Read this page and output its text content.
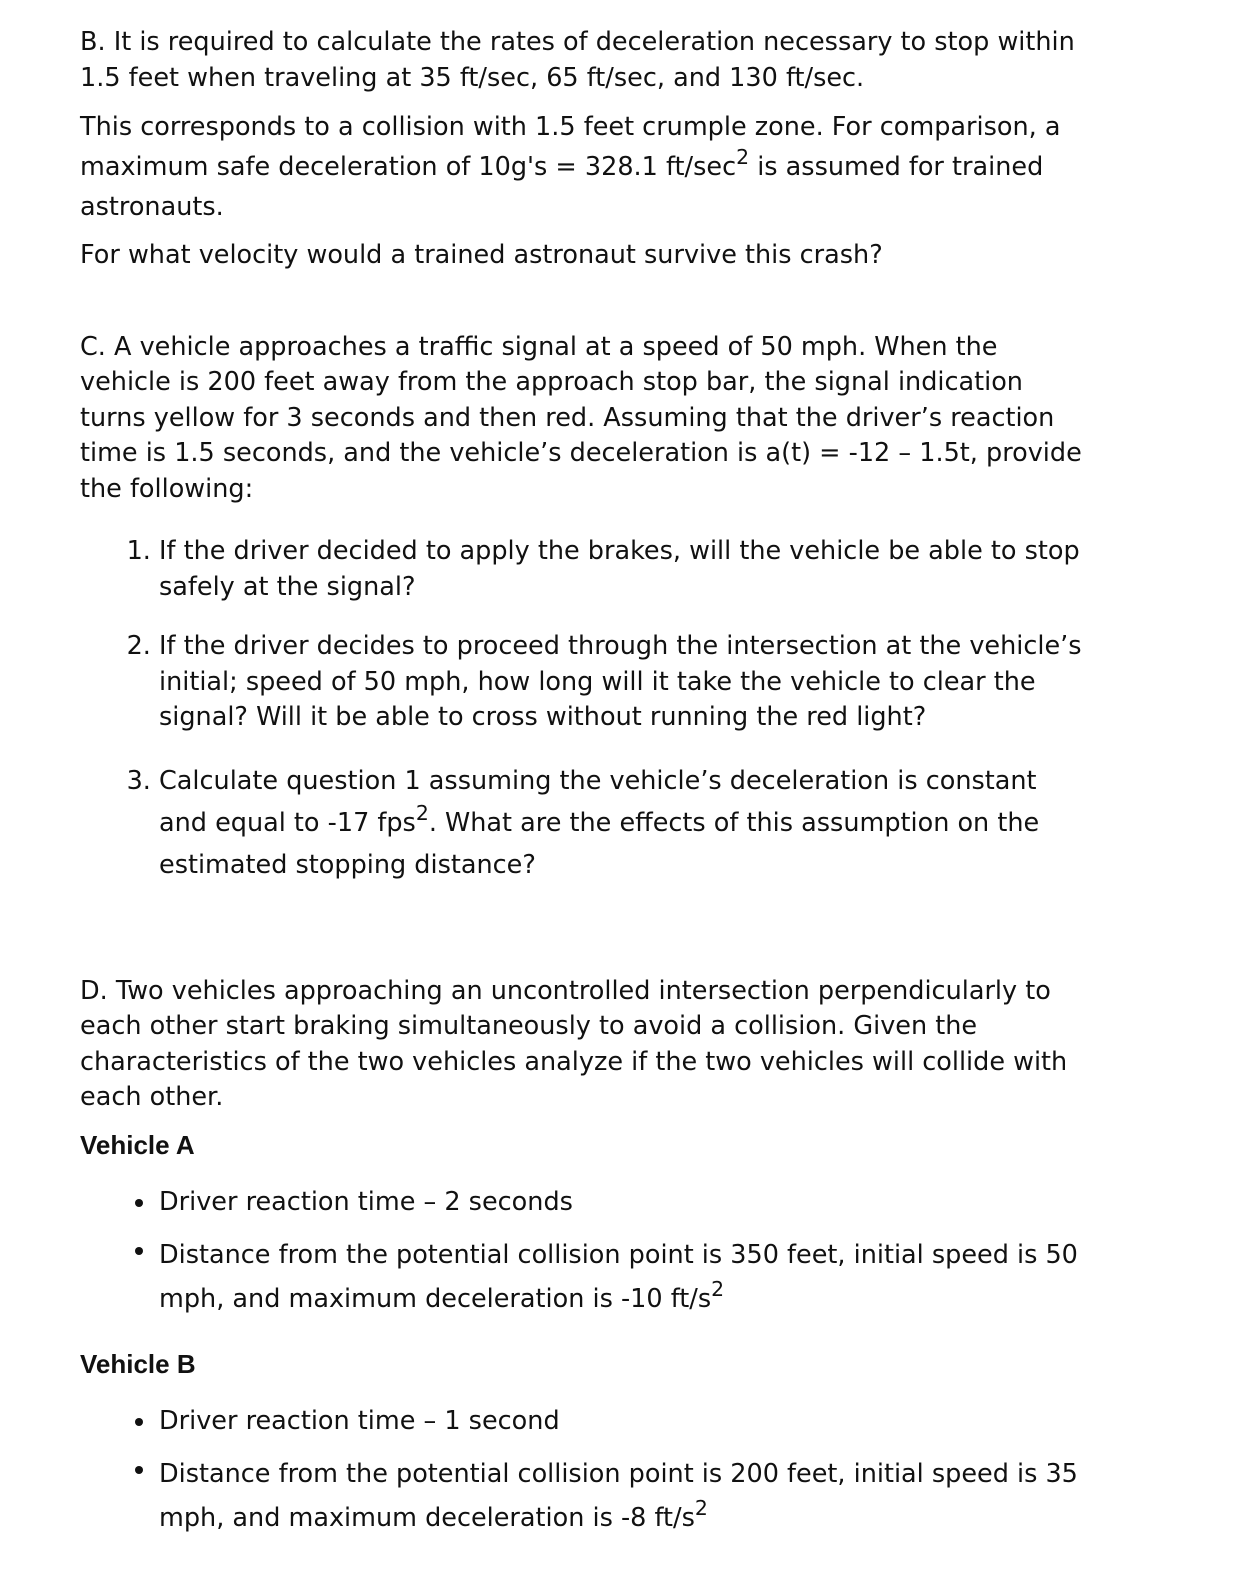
B. It is required to calculate the rates of deceleration necessary to stop within 1.5 feet when traveling at 35 ft/sec, 65 ft/sec, and 130 ft/sec.

This corresponds to a collision with 1.5 feet crumple zone. For comparison, a maximum safe deceleration of 10g's = 328.1 $ft/\sec^2$ is assumed for trained astronauts.

For what velocity would a trained astronaut survive this crash?

C. A vehicle approaches a traffic signal at a speed of 50 mph. When the vehicle is 200 feet away from the approach stop bar, the signal indication turns yellow for 3 seconds and then red. Assuming that the driver’s reaction time is 1.5 seconds, and the vehicle’s deceleration is a(t) = -12 – 1.5t, provide the following:

1. If the driver decided to apply the brakes, will the vehicle be able to stop safely at the signal?
2. If the driver decides to proceed through the intersection at the vehicle’s initial; speed of 50 mph, how long will it take the vehicle to clear the signal? Will it be able to cross without running the red light?
3. Calculate question 1 assuming the vehicle’s deceleration is constant and equal to -17 fps$^2$. What are the effects of this assumption on the estimated stopping distance?

D. Two vehicles approaching an uncontrolled intersection perpendicularly to each other start braking simultaneously to avoid a collision. Given the characteristics of the two vehicles analyze if the two vehicles will collide with each other.

Vehicle A

Driver reaction time – 2 seconds
Distance from the potential collision point is 350 feet, initial speed is 50 mph, and maximum deceleration is -10 $ft/s^2$

Vehicle B

Driver reaction time – 1 second
Distance from the potential collision point is 200 feet, initial speed is 35 mph, and maximum deceleration is -8 $ft/s^2$
